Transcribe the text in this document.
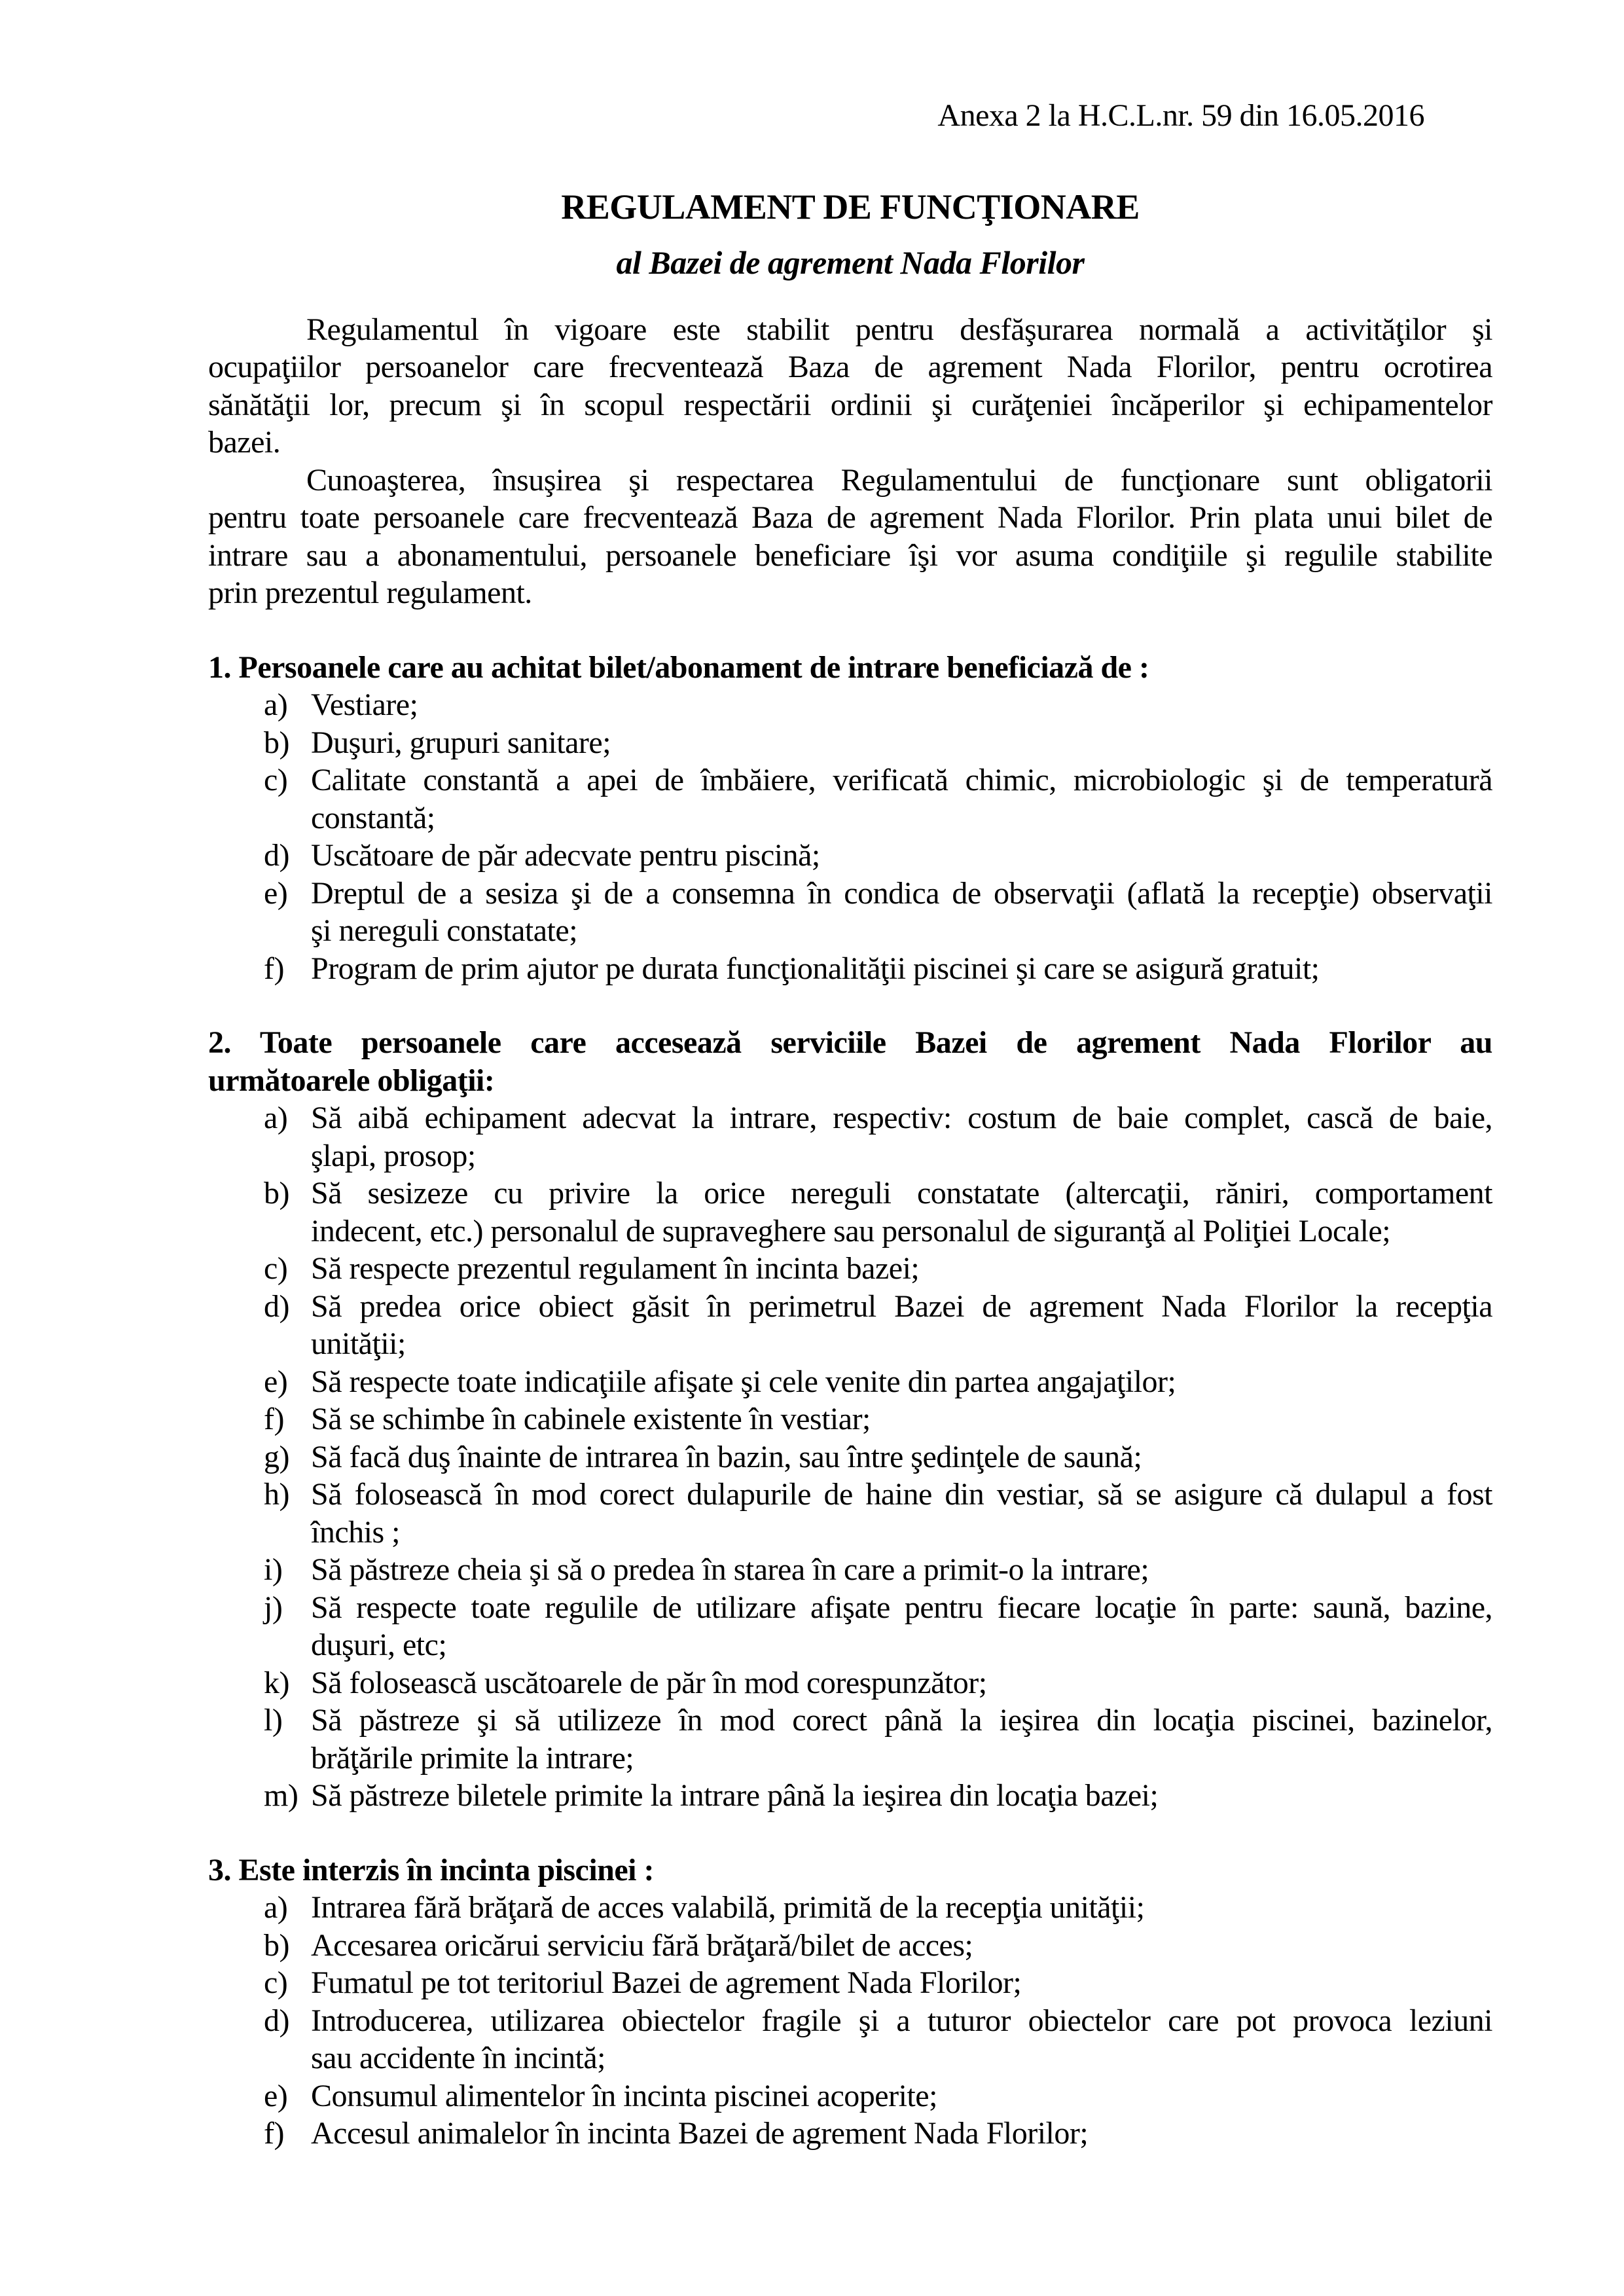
Anexa 2 la H.C.L.nr. 59 din 16.05.2016
REGULAMENT DE FUNCŢIONARE
al Bazei de agrement Nada Florilor
Regulamentul în vigoare este stabilit pentru desfăşurarea normală a activităţilor şi
ocupaţiilor persoanelor care frecventează Baza de agrement Nada Florilor, pentru ocrotirea
sănătăţii lor, precum şi în scopul respectării ordinii şi curăţeniei încăperilor şi echipamentelor
bazei.
Cunoaşterea, însuşirea şi respectarea Regulamentului de funcţionare sunt obligatorii
pentru toate persoanele care frecventează Baza de agrement Nada Florilor. Prin plata unui bilet de
intrare sau a abonamentului, persoanele beneficiare îşi vor asuma condiţiile şi regulile stabilite
prin prezentul regulament.
1. Persoanele care au achitat bilet/abonament de intrare beneficiază de :
a) Vestiare;
b) Duşuri, grupuri sanitare;
c) Calitate constantă a apei de îmbăiere, verificată chimic, microbiologic şi de temperatură
constantă;
d) Uscătoare de păr adecvate pentru piscină;
e) Dreptul de a sesiza şi de a consemna în condica de observaţii (aflată la recepţie) observaţii
şi nereguli constatate;
f) Program de prim ajutor pe durata funcţionalităţii piscinei şi care se asigură gratuit;
2. Toate persoanele care accesează serviciile Bazei de agrement Nada Florilor au
următoarele obligaţii:
a) Să aibă echipament adecvat la intrare, respectiv: costum de baie complet, cască de baie,
şlapi, prosop;
b) Să sesizeze cu privire la orice nereguli constatate (altercaţii, răniri, comportament
indecent, etc.) personalul de supraveghere sau personalul de siguranţă al Poliţiei Locale;
c) Să respecte prezentul regulament în incinta bazei;
d) Să predea orice obiect găsit în perimetrul Bazei de agrement Nada Florilor la recepţia
unităţii;
e) Să respecte toate indicaţiile afişate şi cele venite din partea angajaţilor;
f) Să se schimbe în cabinele existente în vestiar;
g) Să facă duş înainte de intrarea în bazin, sau între şedinţele de saună;
h) Să folosească în mod corect dulapurile de haine din vestiar, să se asigure că dulapul a fost
închis ;
i) Să păstreze cheia şi să o predea în starea în care a primit-o la intrare;
j) Să respecte toate regulile de utilizare afişate pentru fiecare locaţie în parte: saună, bazine,
duşuri, etc;
k) Să folosească uscătoarele de păr în mod corespunzător;
l) Să păstreze şi să utilizeze în mod corect până la ieşirea din locaţia piscinei, bazinelor,
brăţările primite la intrare;
m) Să păstreze biletele primite la intrare până la ieşirea din locaţia bazei;
3. Este interzis în incinta piscinei :
a) Intrarea fără brăţară de acces valabilă, primită de la recepţia unităţii;
b) Accesarea oricărui serviciu fără brăţară/bilet de acces;
c) Fumatul pe tot teritoriul Bazei de agrement Nada Florilor;
d) Introducerea, utilizarea obiectelor fragile şi a tuturor obiectelor care pot provoca leziuni
sau accidente în incintă;
e) Consumul alimentelor în incinta piscinei acoperite;
f) Accesul animalelor în incinta Bazei de agrement Nada Florilor;
